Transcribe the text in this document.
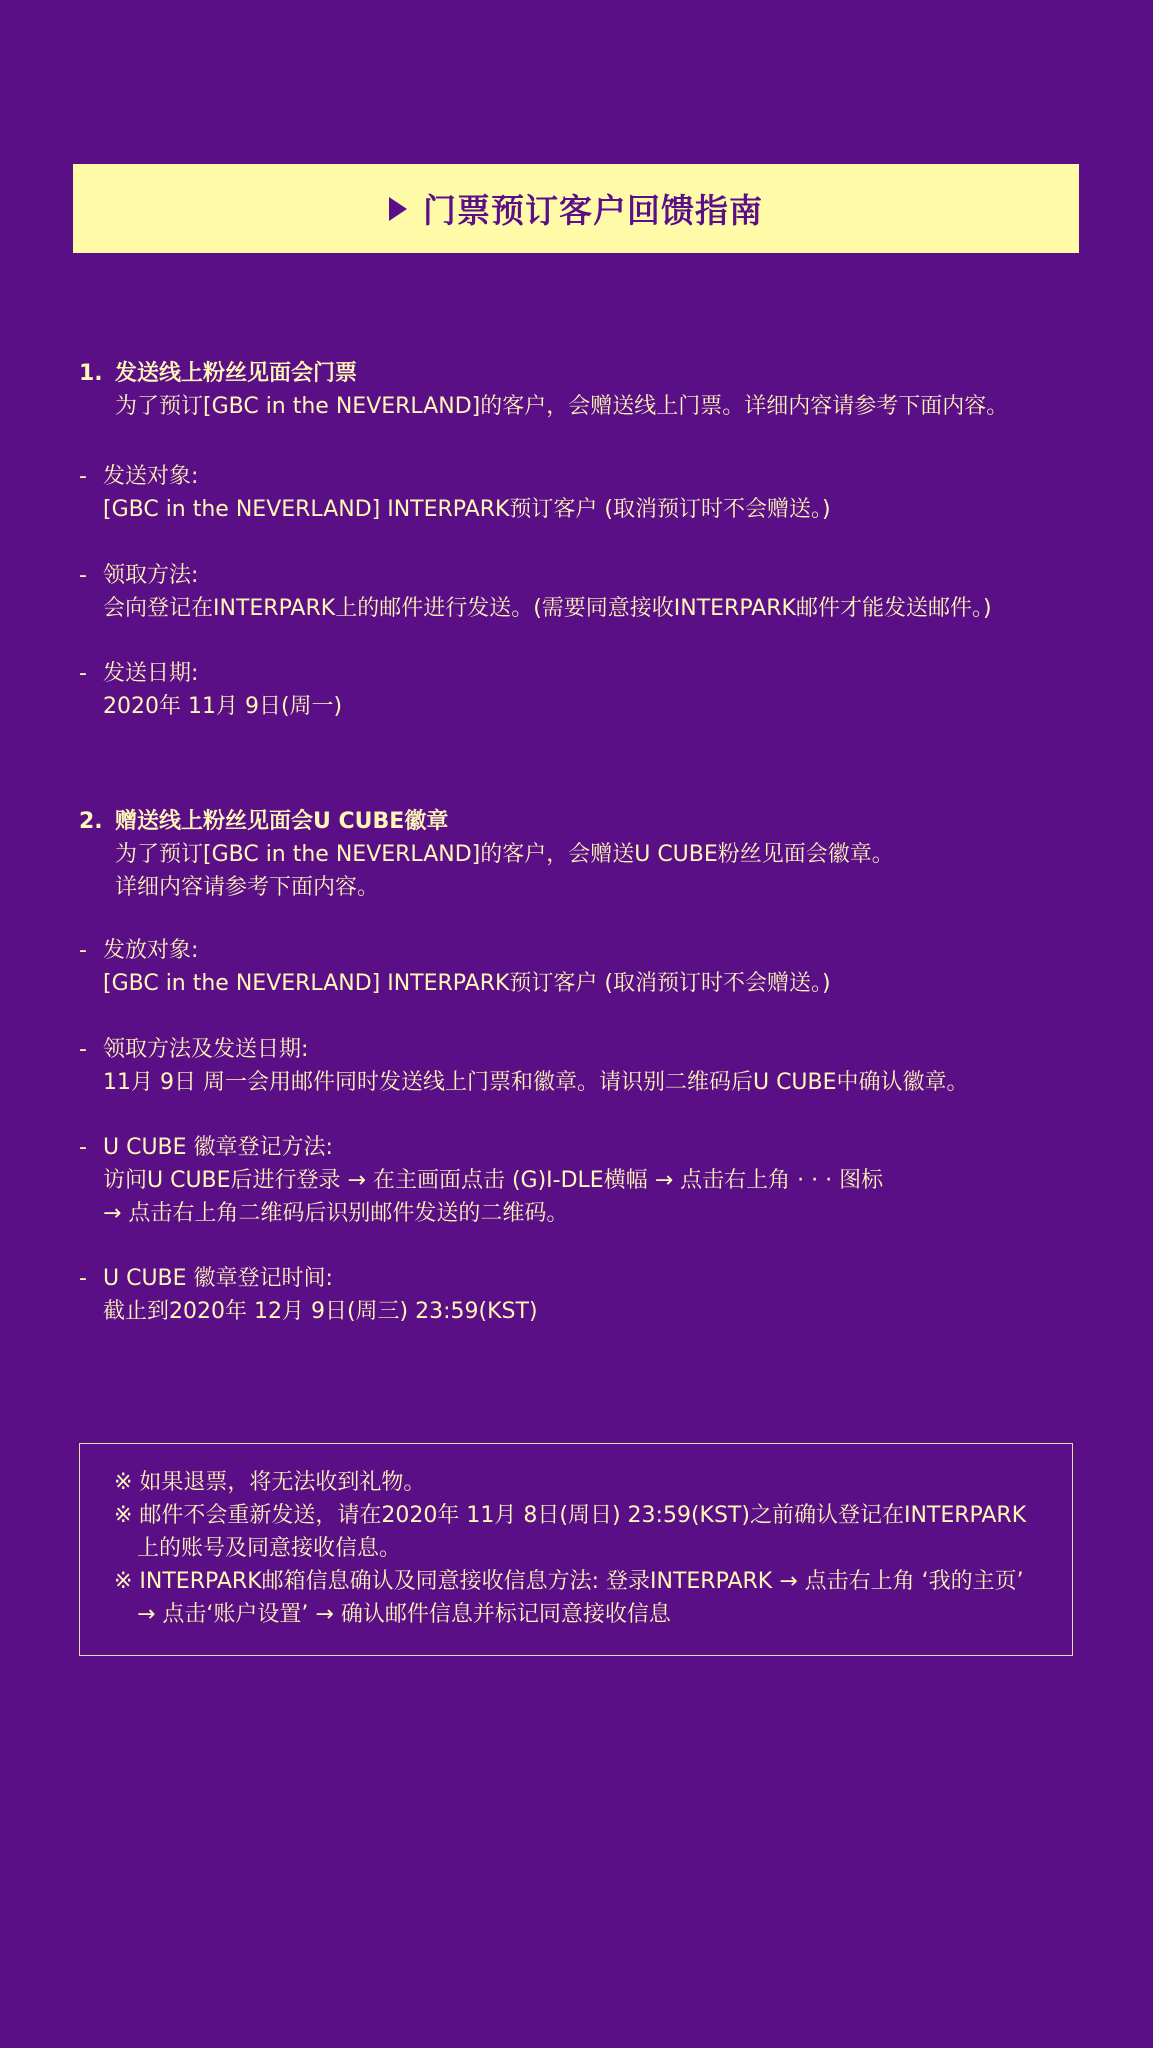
门票预订客户回馈指南
1. 发送线上粉丝见面会门票
为了预订[GBC in the NEVERLAND]的客户，会赠送线上门票。详细内容请参考下面内容。
- 发送对象:
[GBC in the NEVERLAND] INTERPARK预订客户 (取消预订时不会赠送。)
- 领取方法:
会向登记在INTERPARK上的邮件进行发送。(需要同意接收INTERPARK邮件才能发送邮件。)
- 发送日期:
2020年 11月 9日(周一)
2. 赠送线上粉丝见面会U CUBE徽章
为了预订[GBC in the NEVERLAND]的客户，会赠送U CUBE粉丝见面会徽章。
详细内容请参考下面内容。
- 发放对象:
[GBC in the NEVERLAND] INTERPARK预订客户 (取消预订时不会赠送。)
- 领取方法及发送日期:
11月 9日 周一会用邮件同时发送线上门票和徽章。请识别二维码后U CUBE中确认徽章。
- U CUBE 徽章登记方法:
访问U CUBE后进行登录 → 在主画面点击 (G)I-DLE横幅 → 点击右上角 · · · 图标
→ 点击右上角二维码后识别邮件发送的二维码。
- U CUBE 徽章登记时间:
截止到2020年 12月 9日(周三) 23:59(KST)
※ 如果退票，将无法收到礼物。
※ 邮件不会重新发送，请在2020年 11月 8日(周日) 23:59(KST)之前确认登记在INTERPARK
上的账号及同意接收信息。
※ INTERPARK邮箱信息确认及同意接收信息方法: 登录INTERPARK → 点击右上角 ‘我的主页’
→ 点击‘账户设置’ → 确认邮件信息并标记同意接收信息
